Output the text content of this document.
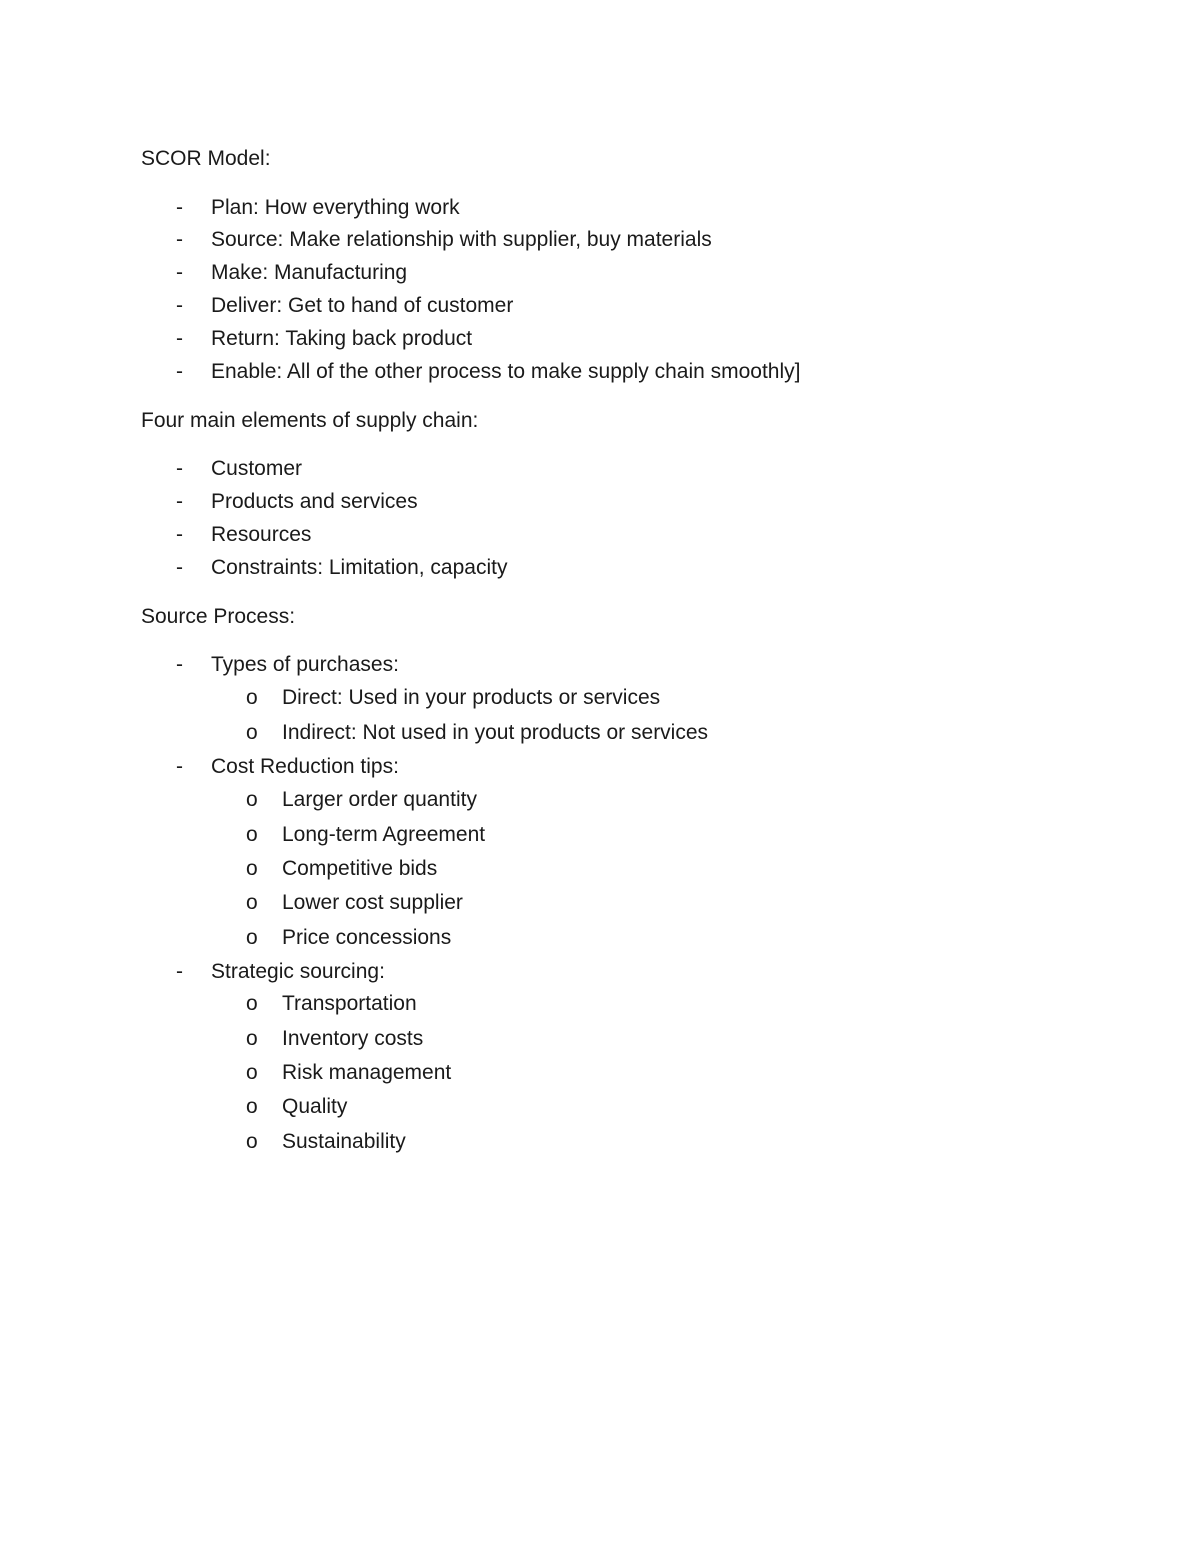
SCOR Model:
- Plan: How everything work
- Source: Make relationship with supplier, buy materials
- Make: Manufacturing
- Deliver: Get to hand of customer
- Return: Taking back product
- Enable: All of the other process to make supply chain smoothly]
Four main elements of supply chain:
- Customer
- Products and services
- Resources
- Constraints: Limitation, capacity
Source Process:
- Types of purchases:
o Direct: Used in your products or services
o Indirect: Not used in yout products or services
- Cost Reduction tips:
o Larger order quantity
o Long-term Agreement
o Competitive bids
o Lower cost supplier
o Price concessions
- Strategic sourcing:
o Transportation
o Inventory costs
o Risk management
o Quality
o Sustainability
